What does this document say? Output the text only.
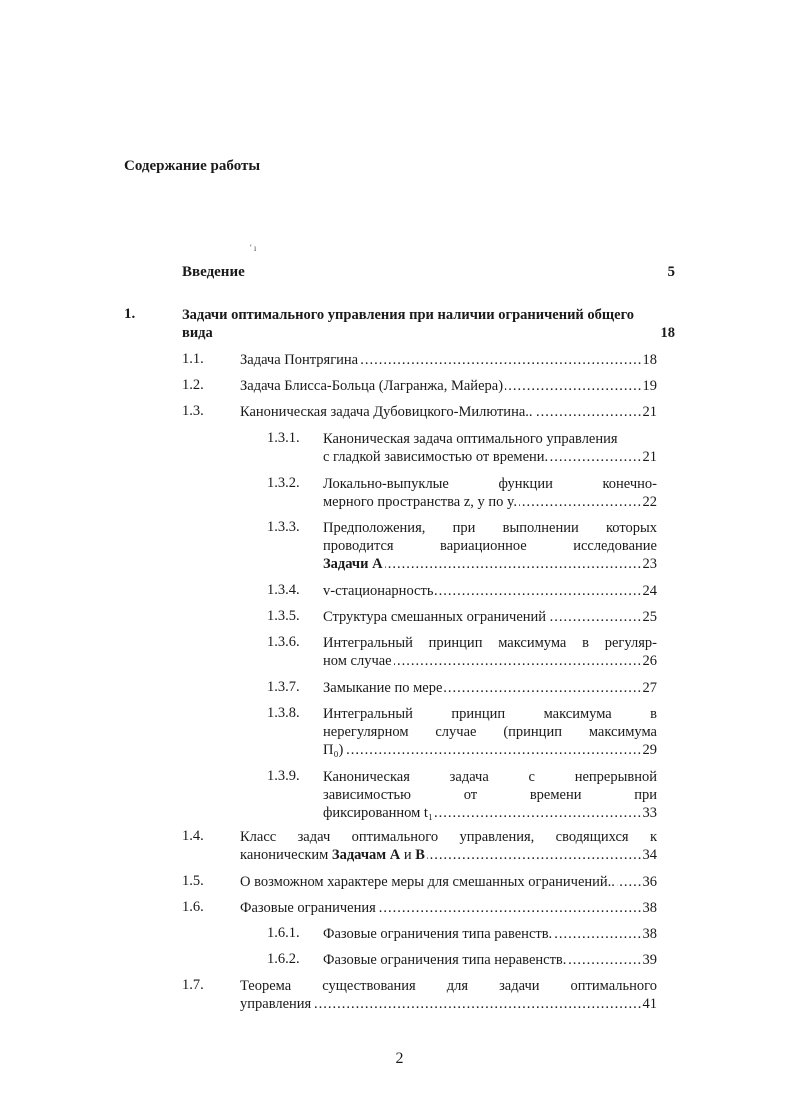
Содержание работы
' ı
Введение	5
1.	Задачи оптимального управления при наличии ограничений общего
вида	18
1.1.	Задача Понтрягина	18
.....
1.2.	Задача Блисса-Больца (Лагранжа, Майера)	19
.....
1.3.	Каноническая задача Дубовицкого-Милютина..	21
.....
1.3.1. Каноническая задача оптимального управления
с гладкой зависимостью от времени.	21
.....
1.3.2. Локально-выпуклые	функции	конечно-
мерного пространства z, y по y.	22
.....
1.3.3. Предположения, при выполнении которых
проводится	вариационное	исследование
Задачи А	23
.....
1.3.4. v-стационарность	24
.....
1.3.5. Структура смешанных ограничений	25
.....
1.3.6. Интегральный принцип максимума в регуляр-
ном случае	26
.....
1.3.7. Замыкание по мере	27
.....
1.3.8. Интегральный	принцип	максимума	в
нерегулярном случае (принцип максимума
П₀)	29
.....
1.3.9. Каноническая	задача	с	непрерывной
зависимостью	от	времени	при
фиксированном t₁	33
.....
1.4.	Класс задач оптимального управления, сводящихся к
каноническим Задачам А и В	34
.....
1.5.	О возможном характере меры для смешанных ограничений.. 36
.....
1.6.	Фазовые ограничения	38
.....
1.6.1. Фазовые ограничения типа равенств.	38
.....
1.6.2. Фазовые ограничения типа неравенств.	39
.....
1.7.	Теорема существования для задачи оптимального
управления	41
.....
2
